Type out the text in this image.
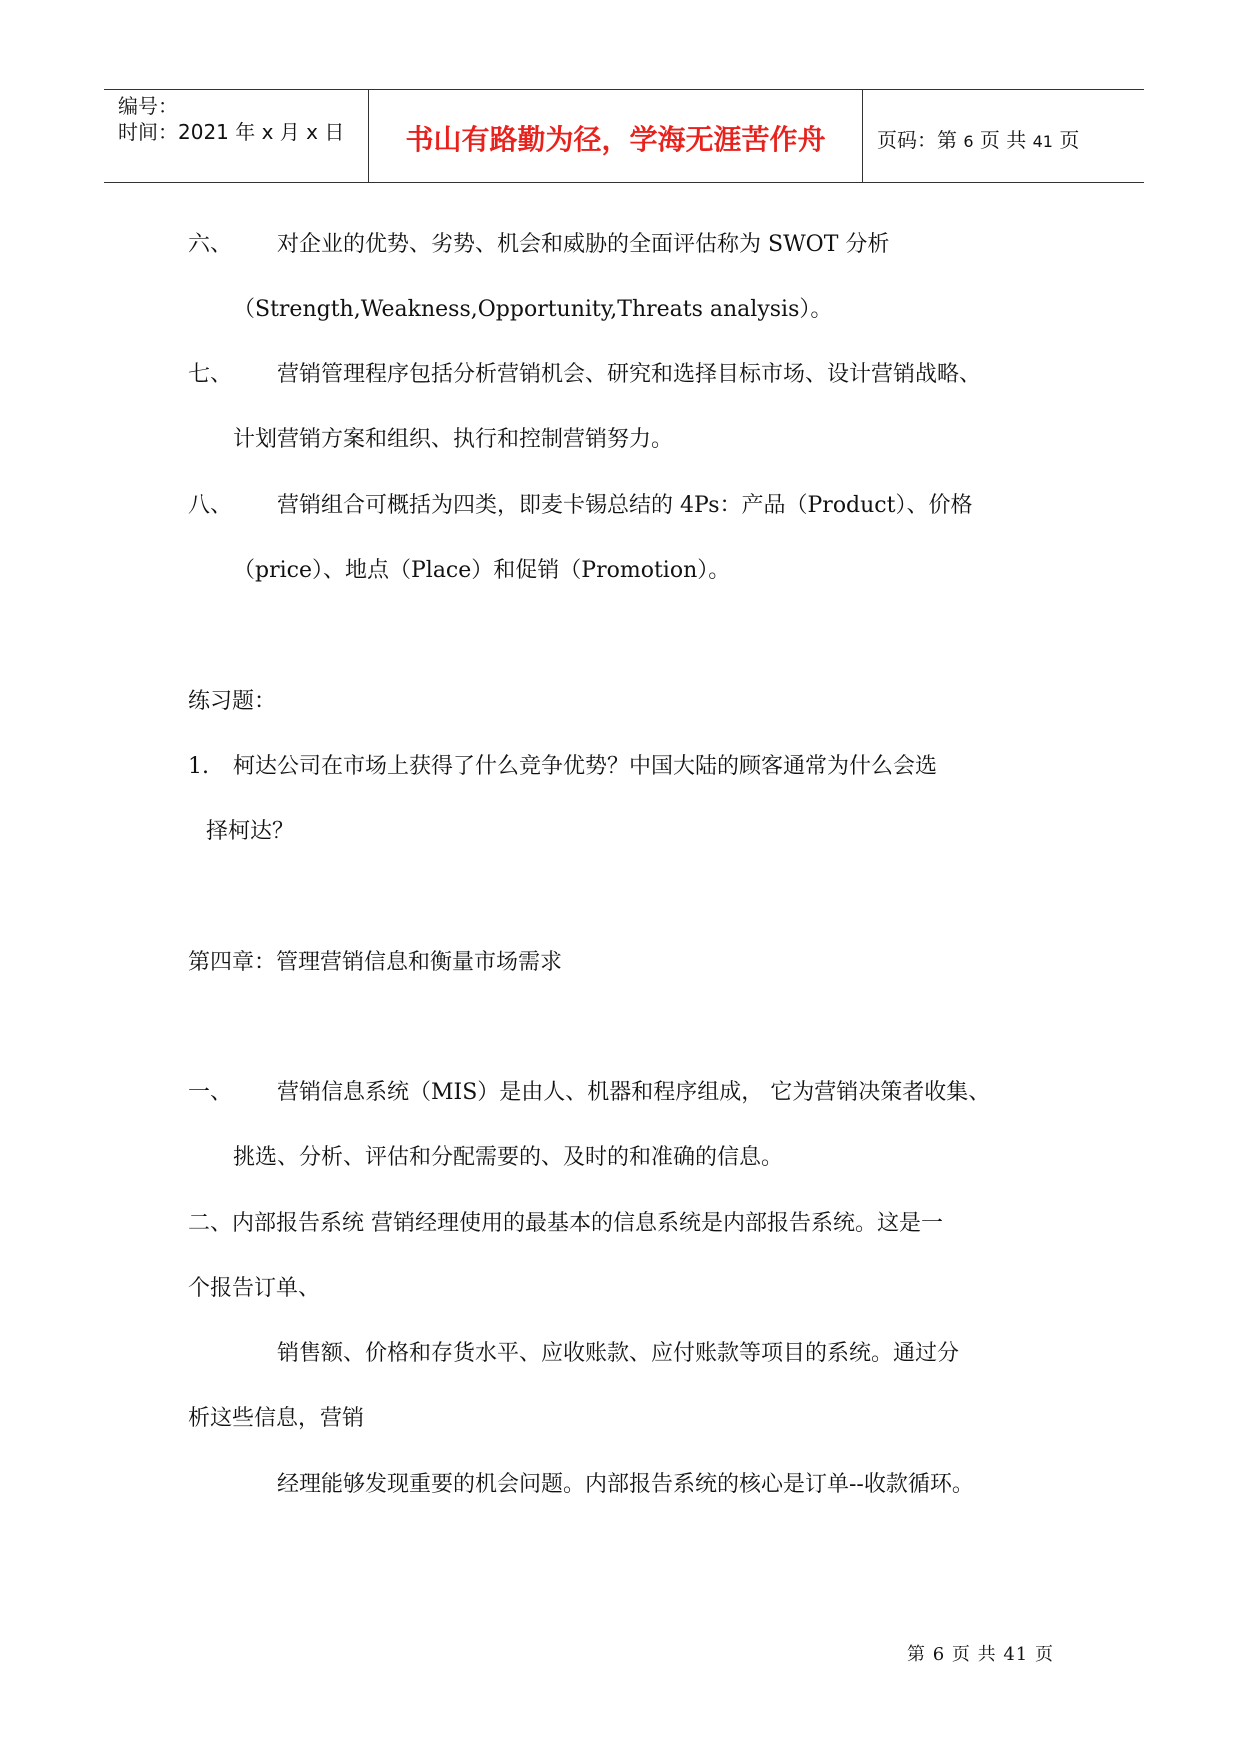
编号：
时间：2021 年 x 月 x 日	书山有路勤为径，学海无涯苦作舟	页码：第 6 页 共 41 页
六、 对企业的优势、劣势、机会和威胁的全面评估称为 SWOT 分析
（Strength,Weakness,Opportunity,Threats analysis）。
七、 营销管理程序包括分析营销机会、研究和选择目标市场、设计营销战略、
计划营销方案和组织、执行和控制营销努力。
八、 营销组合可概括为四类，即麦卡锡总结的 4Ps：产品（Product）、价格
（price）、地点（Place）和促销（Promotion）。
练习题：
1. 柯达公司在市场上获得了什么竞争优势？中国大陆的顾客通常为什么会选
择柯达？
第四章：管理营销信息和衡量市场需求
一、 营销信息系统（MIS）是由人、机器和程序组成， 它为营销决策者收集、
挑选、分析、评估和分配需要的、及时的和准确的信息。
二、内部报告系统 营销经理使用的最基本的信息系统是内部报告系统。这是一
个报告订单、
销售额、价格和存货水平、应收账款、应付账款等项目的系统。通过分
析这些信息，营销
经理能够发现重要的机会问题。内部报告系统的核心是订单--收款循环。
第 6 页 共 41 页
